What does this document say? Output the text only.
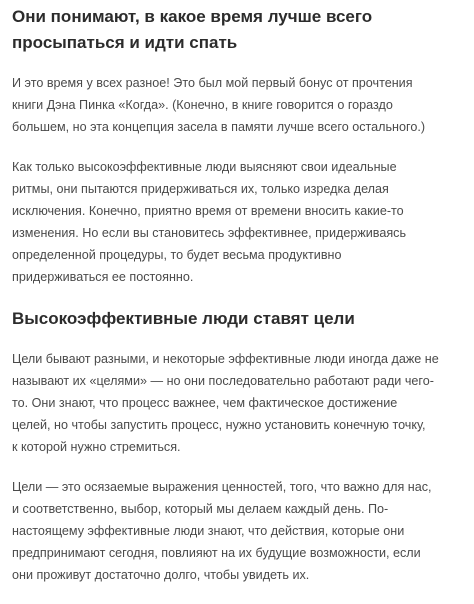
Они понимают, в какое время лучше всего просыпаться и идти спать

И это время у всех разное! Это был мой первый бонус от прочтения
книги Дэна Пинка «Когда». (Конечно, в книге говорится о гораздо
большем, но эта концепция засела в памяти лучше всего остального.)

Как только высокоэффективные люди выясняют свои идеальные
ритмы, они пытаются придерживаться их, только изредка делая
исключения. Конечно, приятно время от времени вносить какие-то
изменения. Но если вы становитесь эффективнее, придерживаясь
определенной процедуры, то будет весьма продуктивно
придерживаться ее постоянно.

Высокоэффективные люди ставят цели

Цели бывают разными, и некоторые эффективные люди иногда даже не
называют их «целями» — но они последовательно работают ради чего-
то. Они знают, что процесс важнее, чем фактическое достижение
целей, но чтобы запустить процесс, нужно установить конечную точку,
к которой нужно стремиться.

Цели — это осязаемые выражения ценностей, того, что важно для нас,
и соответственно, выбор, который мы делаем каждый день. По-
настоящему эффективные люди знают, что действия, которые они
предпринимают сегодня, повлияют на их будущие возможности, если
они проживут достаточно долго, чтобы увидеть их.
